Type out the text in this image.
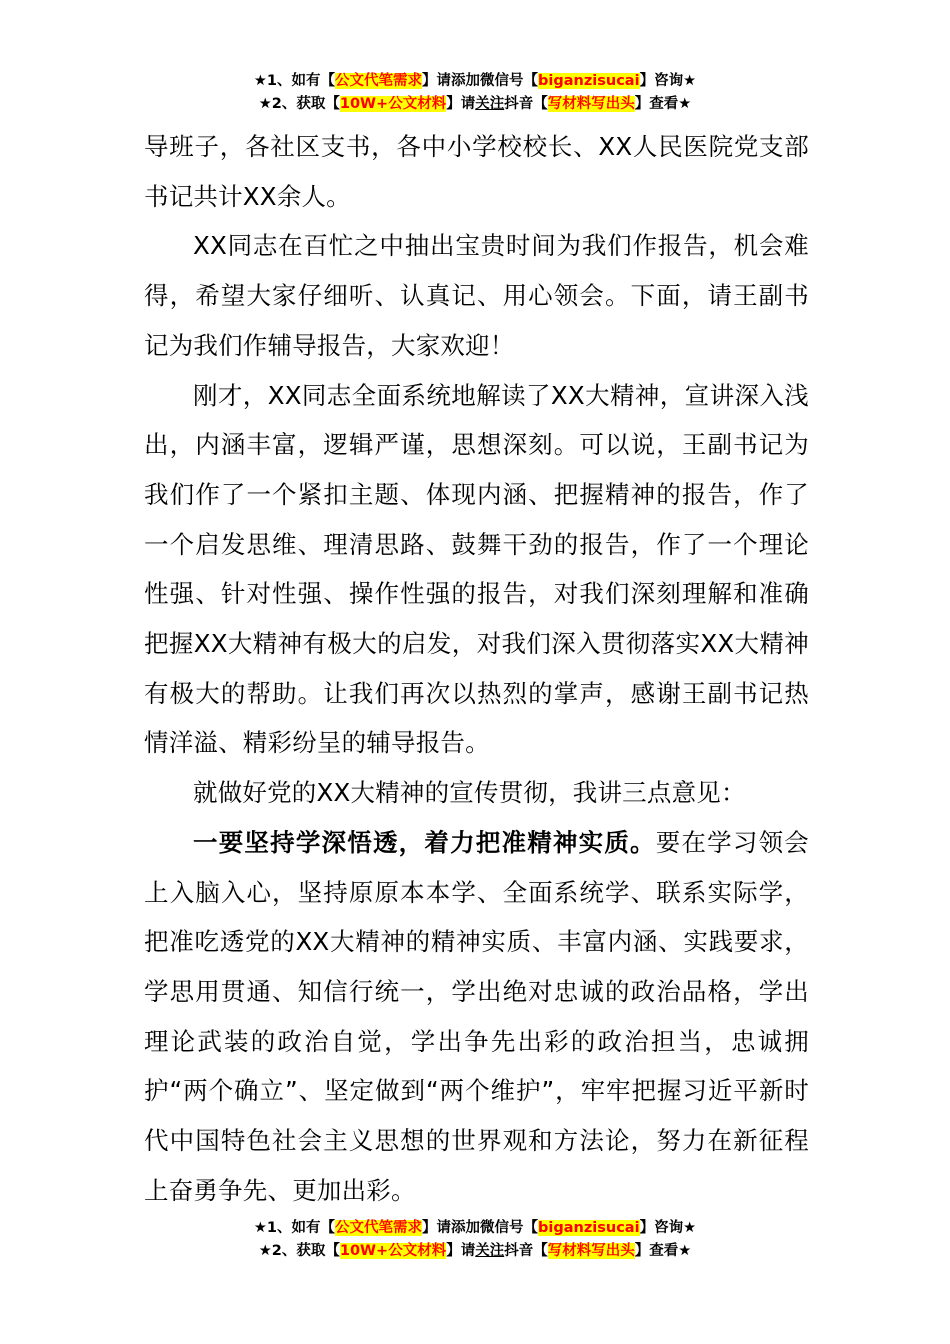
★1、如有【公文代笔需求】请添加微信号【biganzisucai】咨询★
★2、获取【10W+公文材料】请关注抖音【写材料写出头】查看★

导班子，各社区支书，各中小学校校长、XX人民医院党支部书记共计XX余人。

XX同志在百忙之中抽出宝贵时间为我们作报告，机会难得，希望大家仔细听、认真记、用心领会。下面，请王副书记为我们作辅导报告，大家欢迎！

刚才，XX同志全面系统地解读了XX大精神，宣讲深入浅出，内涵丰富，逻辑严谨，思想深刻。可以说，王副书记为我们作了一个紧扣主题、体现内涵、把握精神的报告，作了一个启发思维、理清思路、鼓舞干劲的报告，作了一个理论性强、针对性强、操作性强的报告，对我们深刻理解和准确把握XX大精神有极大的启发，对我们深入贯彻落实XX大精神有极大的帮助。让我们再次以热烈的掌声，感谢王副书记热情洋溢、精彩纷呈的辅导报告。

就做好党的XX大精神的宣传贯彻，我讲三点意见：

一要坚持学深悟透，着力把准精神实质。要在学习领会上入脑入心，坚持原原本本学、全面系统学、联系实际学，把准吃透党的XX大精神的精神实质、丰富内涵、实践要求，学思用贯通、知信行统一，学出绝对忠诚的政治品格，学出理论武装的政治自觉，学出争先出彩的政治担当，忠诚拥护“两个确立”、坚定做到“两个维护”，牢牢把握习近平新时代中国特色社会主义思想的世界观和方法论，努力在新征程上奋勇争先、更加出彩。

★1、如有【公文代笔需求】请添加微信号【biganzisucai】咨询★
★2、获取【10W+公文材料】请关注抖音【写材料写出头】查看★
